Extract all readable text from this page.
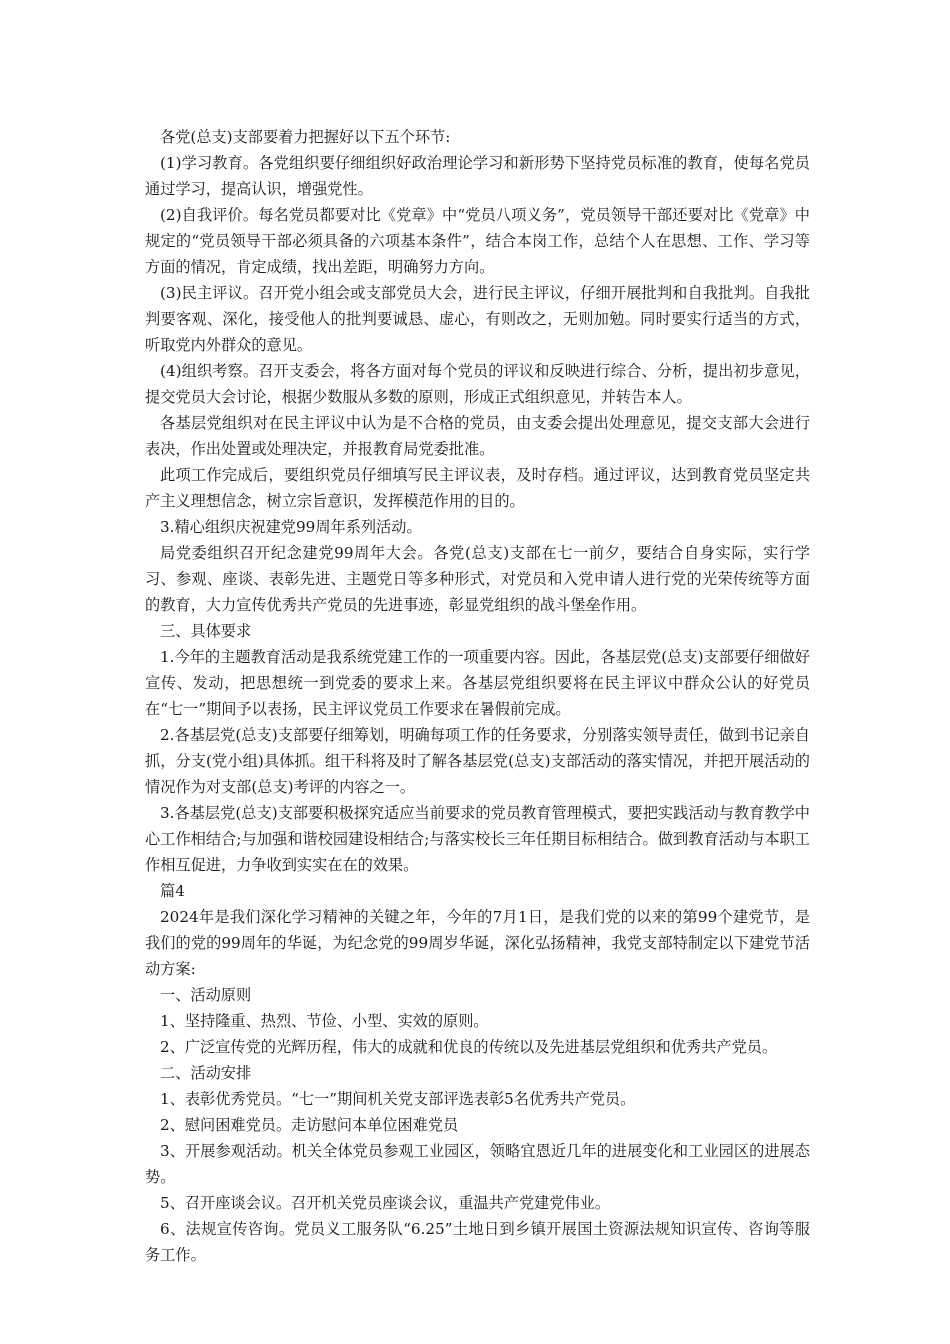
各党(总支)支部要着力把握好以下五个环节:

(1)学习教育。各党组织要仔细组织好政治理论学习和新形势下坚持党员标准的教育，使每名党员通过学习，提高认识，增强党性。

(2)自我评价。每名党员都要对比《党章》中“党员八项义务”，党员领导干部还要对比《党章》中规定的“党员领导干部必须具备的六项基本条件”，结合本岗工作，总结个人在思想、工作、学习等方面的情况，肯定成绩，找出差距，明确努力方向。

(3)民主评议。召开党小组会或支部党员大会，进行民主评议，仔细开展批判和自我批判。自我批判要客观、深化，接受他人的批判要诚恳、虚心，有则改之，无则加勉。同时要实行适当的方式，听取党内外群众的意见。

(4)组织考察。召开支委会，将各方面对每个党员的评议和反映进行综合、分析，提出初步意见，提交党员大会讨论，根据少数服从多数的原则，形成正式组织意见，并转告本人。

各基层党组织对在民主评议中认为是不合格的党员，由支委会提出处理意见，提交支部大会进行表决，作出处置或处理决定，并报教育局党委批准。

此项工作完成后，要组织党员仔细填写民主评议表，及时存档。通过评议，达到教育党员坚定共产主义理想信念，树立宗旨意识，发挥模范作用的目的。

3.精心组织庆祝建党99周年系列活动。

局党委组织召开纪念建党99周年大会。各党(总支)支部在七一前夕，要结合自身实际，实行学习、参观、座谈、表彰先进、主题党日等多种形式，对党员和入党申请人进行党的光荣传统等方面的教育，大力宣传优秀共产党员的先进事迹，彰显党组织的战斗堡垒作用。

三、具体要求

1.今年的主题教育活动是我系统党建工作的一项重要内容。因此，各基层党(总支)支部要仔细做好宣传、发动，把思想统一到党委的要求上来。各基层党组织要将在民主评议中群众公认的好党员在“七一”期间予以表扬，民主评议党员工作要求在暑假前完成。

2.各基层党(总支)支部要仔细筹划，明确每项工作的任务要求，分别落实领导责任，做到书记亲自抓，分支(党小组)具体抓。组干科将及时了解各基层党(总支)支部活动的落实情况，并把开展活动的情况作为对支部(总支)考评的内容之一。

3.各基层党(总支)支部要积极探究适应当前要求的党员教育管理模式，要把实践活动与教育教学中心工作相结合;与加强和谐校园建设相结合;与落实校长三年任期目标相结合。做到教育活动与本职工作相互促进，力争收到实实在在的效果。

篇4

2024年是我们深化学习精神的关键之年，今年的7月1日，是我们党的以来的第99个建党节，是我们的党的99周年的华诞，为纪念党的99周岁华诞，深化弘扬精神，我党支部特制定以下建党节活动方案:

一、活动原则

1、坚持隆重、热烈、节俭、小型、实效的原则。

2、广泛宣传党的光辉历程，伟大的成就和优良的传统以及先进基层党组织和优秀共产党员。

二、活动安排

1、表彰优秀党员。“七一”期间机关党支部评选表彰5名优秀共产党员。

2、慰问困难党员。走访慰问本单位困难党员

3、开展参观活动。机关全体党员参观工业园区，领略宜恩近几年的进展变化和工业园区的进展态势。

5、召开座谈会议。召开机关党员座谈会议，重温共产党建党伟业。

6、法规宣传咨询。党员义工服务队“6.25”土地日到乡镇开展国土资源法规知识宣传、咨询等服务工作。
